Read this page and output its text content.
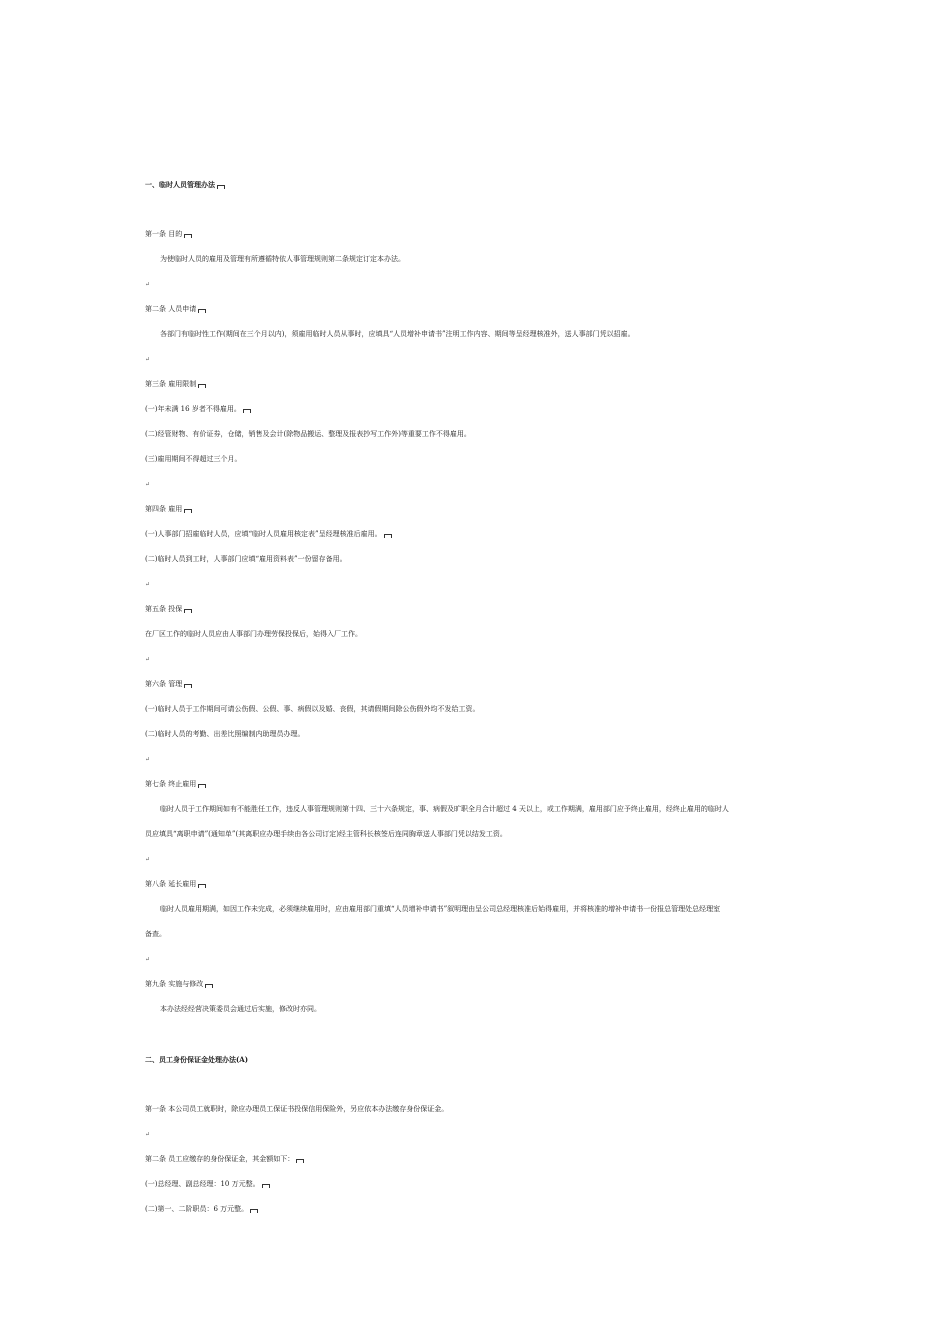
一、临时人员管理办法
第一条 目的
为使临时人员的雇用及管理有所遵循特依人事管理规则第二条规定订定本办法。
↵
第二条 人员申请
各部门有临时性工作(期间在三个月以内)，须雇用临时人员从事时，应填具“人员增补申请书”注明工作内容、期间等呈经理核准外，送人事部门凭以招雇。
↵
第三条 雇用限制
(一)年未满 16 岁者不得雇用。
(二)经管财物、有价证券，仓储，销售及会计(除物品搬运、整理及报表抄写工作外)等重要工作不得雇用。
(三)雇用期间不得超过三个月。
↵
第四条 雇用
(一)人事部门招雇临时人员，应填“临时人员雇用核定表”呈经理核准后雇用。
(二)临时人员到工时，人事部门应填“雇用资料表”一份留存备用。
↵
第五条 投保
在厂区工作的临时人员应由人事部门办理劳保投保后，始得入厂工作。
↵
第六条 管理
(一)临时人员于工作期间可请公伤假、公假、事、病假以及婚、丧假，其请假期间除公伤假外均不发给工资。
(二)临时人员的考勤、出差比照编制内助理员办理。
↵
第七条 终止雇用
临时人员于工作期间如有不能胜任工作，违反人事管理规则第十四、三十六条规定，事、病假及旷职全月合计超过 4 天以上，或工作期满，雇用部门应予终止雇用，经终止雇用的临时人
员应填具“离职申请”(通知单”(其离职应办理手续由各公司订定)经主管科长核签后连同胸章送人事部门凭以结发工资。
↵
第八条 延长雇用
临时人员雇用期满，如因工作未完成，必须继续雇用时，应由雇用部门重填“人员增补申请书”叙明理由呈公司总经理核准后始得雇用，并将核准的增补申请书一份报总管理处总经理室
备查。
↵
第九条 实施与修改
本办法经经营决策委员会通过后实施，修改时亦同。
二、员工身份保证金处理办法(A)
第一条 本公司员工就职时，除应办理员工保证书投保信用保险外，另应依本办法缴存身份保证金。
↵
第二条 员工应缴存的身份保证金，其金额如下：
(一)总经理、副总经理：10 万元整。
(二)第一、二阶职员：6 万元整。
